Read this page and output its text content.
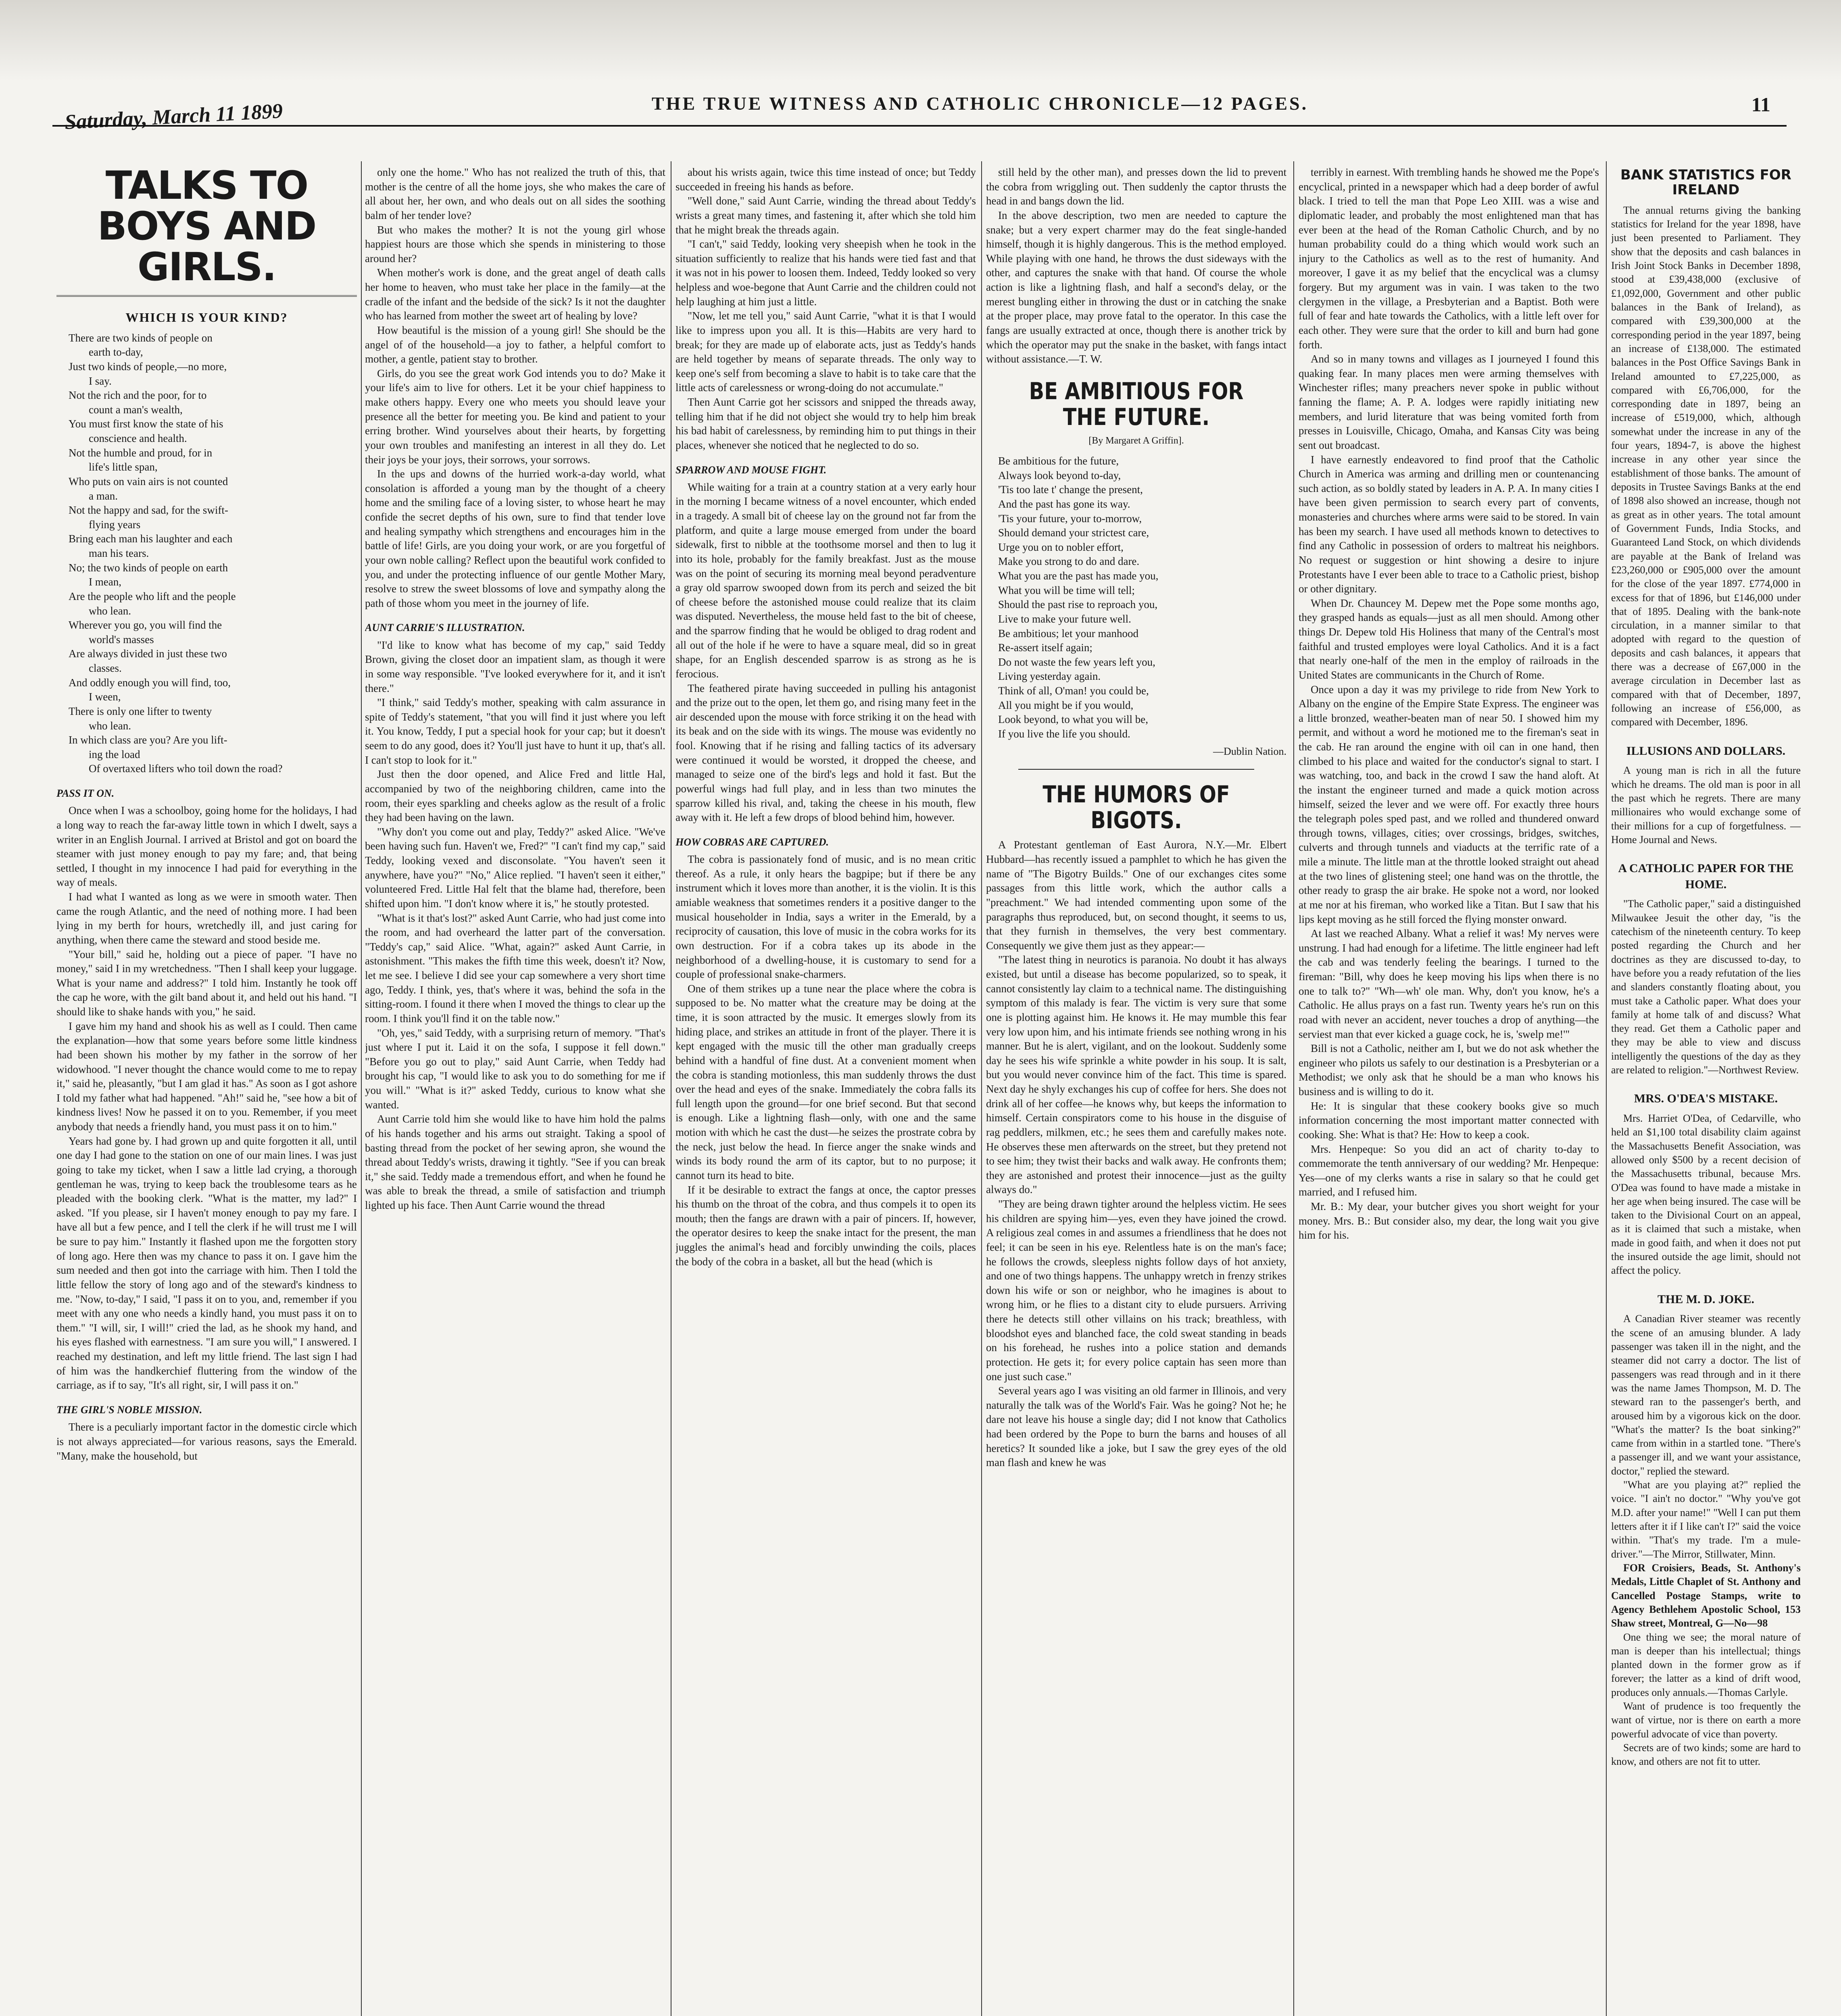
Saturday, March 11 1899	THE TRUE WITNESS AND CATHOLIC CHRONICLE—12 PAGES.	11
TALKS TO BOYS AND GIRLS.
WHICH IS YOUR KIND?
There are two kinds of people on
earth to-day,
Just two kinds of people,—no more,
I say.
Not the rich and the poor, for to
count a man's wealth,
You must first know the state of his
conscience and health.
Not the humble and proud, for in
life's little span,
Who puts on vain airs is not counted
a man.
Not the happy and sad, for the swift-
flying years
Bring each man his laughter and each
man his tears.
No; the two kinds of people on earth
I mean,
Are the people who lift and the people
who lean.
Wherever you go, you will find the
world's masses
Are always divided in just these two
classes.
And oddly enough you will find, too,
I ween,
There is only one lifter to twenty
who lean.
In which class are you? Are you lift-
ing the load
Of overtaxed lifters who toil down the road?
PASS IT ON.

Once when I was a schoolboy, going home for the holidays, I had a long way to reach the far-away little town in which I dwelt, says a writer in an English Journal. I arrived at Bristol and got on board the steamer with just money enough to pay my fare; and, that being settled, I thought in my innocence I had paid for everything in the way of meals.

I had what I wanted as long as we were in smooth water. Then came the rough Atlantic, and the need of nothing more. I had been lying in my berth for hours, wretchedly ill, and just caring for anything, when there came the steward and stood beside me.

"Your bill," said he, holding out a piece of paper. "I have no money," said I in my wretchedness. "Then I shall keep your luggage. What is your name and address?" I told him. Instantly he took off the cap he wore, with the gilt band about it, and held out his hand. "I should like to shake hands with you," he said.

I gave him my hand and shook his as well as I could. Then came the explanation—how that some years before some little kindness had been shown his mother by my father in the sorrow of her widowhood. "I never thought the chance would come to me to repay it," said he, pleasantly, "but I am glad it has." As soon as I got ashore I told my father what had happened. "Ah!" said he, "see how a bit of kindness lives! Now he passed it on to you. Remember, if you meet anybody that needs a friendly hand, you must pass it on to him."

Years had gone by. I had grown up and quite forgotten it all, until one day I had gone to the station on one of our main lines. I was just going to take my ticket, when I saw a little lad crying, a thorough gentleman he was, trying to keep back the troublesome tears as he pleaded with the booking clerk. "What is the matter, my lad?" I asked. "If you please, sir I haven't money enough to pay my fare. I have all but a few pence, and I tell the clerk if he will trust me I will be sure to pay him." Instantly it flashed upon me the forgotten story of long ago. Here then was my chance to pass it on. I gave him the sum needed and then got into the carriage with him. Then I told the little fellow the story of long ago and of the steward's kindness to me. "Now, to-day," I said, "I pass it on to you, and, remember if you meet with any one who needs a kindly hand, you must pass it on to them." "I will, sir, I will!" cried the lad, as he shook my hand, and his eyes flashed with earnestness. "I am sure you will," I answered. I reached my destination, and left my little friend. The last sign I had of him was the handkerchief fluttering from the window of the carriage, as if to say, "It's all right, sir, I will pass it on."

THE GIRL'S NOBLE MISSION.

There is a peculiarly important factor in the domestic circle which is not always appreciated—for various reasons, says the Emerald. "Many, make the household, but

only one the home." Who has not realized the truth of this, that mother is the centre of all the home joys, she who makes the care of all about her, her own, and who deals out on all sides the soothing balm of her tender love?

But who makes the mother? It is not the young girl whose happiest hours are those which she spends in ministering to those around her?

When mother's work is done, and the great angel of death calls her home to heaven, who must take her place in the family—at the cradle of the infant and the bedside of the sick? Is it not the daughter who has learned from mother the sweet art of healing by love?

How beautiful is the mission of a young girl! She should be the angel of of the household—a joy to father, a helpful comfort to mother, a gentle, patient stay to brother.

Girls, do you see the great work God intends you to do? Make it your life's aim to live for others. Let it be your chief happiness to make others happy. Every one who meets you should leave your presence all the better for meeting you. Be kind and patient to your erring brother. Wind yourselves about their hearts, by forgetting your own troubles and manifesting an interest in all they do. Let their joys be your joys, their sorrows, your sorrows.

In the ups and downs of the hurried work-a-day world, what consolation is afforded a young man by the thought of a cheery home and the smiling face of a loving sister, to whose heart he may confide the secret depths of his own, sure to find that tender love and healing sympathy which strengthens and encourages him in the battle of life! Girls, are you doing your work, or are you forgetful of your own noble calling? Reflect upon the beautiful work confided to you, and under the protecting influence of our gentle Mother Mary, resolve to strew the sweet blossoms of love and sympathy along the path of those whom you meet in the journey of life.

AUNT CARRIE'S ILLUSTRATION.

"I'd like to know what has become of my cap," said Teddy Brown, giving the closet door an impatient slam, as though it were in some way responsible. "I've looked everywhere for it, and it isn't there."

"I think," said Teddy's mother, speaking with calm assurance in spite of Teddy's statement, "that you will find it just where you left it. You know, Teddy, I put a special hook for your cap; but it doesn't seem to do any good, does it? You'll just have to hunt it up, that's all. I can't stop to look for it."

Just then the door opened, and Alice Fred and little Hal, accompanied by two of the neighboring children, came into the room, their eyes sparkling and cheeks aglow as the result of a frolic they had been having on the lawn.

"Why don't you come out and play, Teddy?" asked Alice. "We've been having such fun. Haven't we, Fred?" "I can't find my cap," said Teddy, looking vexed and disconsolate. "You haven't seen it anywhere, have you?" "No," Alice replied. "I haven't seen it either," volunteered Fred. Little Hal felt that the blame had, therefore, been shifted upon him. "I don't know where it is," he stoutly protested.

"What is it that's lost?" asked Aunt Carrie, who had just come into the room, and had overheard the latter part of the conversation. "Teddy's cap," said Alice. "What, again?" asked Aunt Carrie, in astonishment. "This makes the fifth time this week, doesn't it? Now, let me see. I believe I did see your cap somewhere a very short time ago, Teddy. I think, yes, that's where it was, behind the sofa in the sitting-room. I found it there when I moved the things to clear up the room. I think you'll find it on the table now."

"Oh, yes," said Teddy, with a surprising return of memory. "That's just where I put it. Laid it on the sofa, I suppose it fell down." "Before you go out to play," said Aunt Carrie, when Teddy had brought his cap, "I would like to ask you to do something for me if you will." "What is it?" asked Teddy, curious to know what she wanted.

Aunt Carrie told him she would like to have him hold the palms of his hands together and his arms out straight. Taking a spool of basting thread from the pocket of her sewing apron, she wound the thread about Teddy's wrists, drawing it tightly. "See if you can break it," she said. Teddy made a tremendous effort, and when he found he was able to break the thread, a smile of satisfaction and triumph lighted up his face. Then Aunt Carrie wound the thread

about his wrists again, twice this time instead of once; but Teddy succeeded in freeing his hands as before.

"Well done," said Aunt Carrie, winding the thread about Teddy's wrists a great many times, and fastening it, after which she told him that he might break the threads again.

"I can't," said Teddy, looking very sheepish when he took in the situation sufficiently to realize that his hands were tied fast and that it was not in his power to loosen them. Indeed, Teddy looked so very helpless and woe-begone that Aunt Carrie and the children could not help laughing at him just a little.

"Now, let me tell you," said Aunt Carrie, "what it is that I would like to impress upon you all. It is this—Habits are very hard to break; for they are made up of elaborate acts, just as Teddy's hands are held together by means of separate threads. The only way to keep one's self from becoming a slave to habit is to take care that the little acts of carelessness or wrong-doing do not accumulate."

Then Aunt Carrie got her scissors and snipped the threads away, telling him that if he did not object she would try to help him break his bad habit of carelessness, by reminding him to put things in their places, whenever she noticed that he neglected to do so.

SPARROW AND MOUSE FIGHT.

While waiting for a train at a country station at a very early hour in the morning I became witness of a novel encounter, which ended in a tragedy. A small bit of cheese lay on the ground not far from the platform, and quite a large mouse emerged from under the board sidewalk, first to nibble at the toothsome morsel and then to lug it into its hole, probably for the family breakfast. Just as the mouse was on the point of securing its morning meal beyond peradventure a gray old sparrow swooped down from its perch and seized the bit of cheese before the astonished mouse could realize that its claim was disputed. Nevertheless, the mouse held fast to the bit of cheese, and the sparrow finding that he would be obliged to drag rodent and all out of the hole if he were to have a square meal, did so in great shape, for an English descended sparrow is as strong as he is ferocious.

The feathered pirate having succeeded in pulling his antagonist and the prize out to the open, let them go, and rising many feet in the air descended upon the mouse with force striking it on the head with its beak and on the side with its wings. The mouse was evidently no fool. Knowing that if he rising and falling tactics of its adversary were continued it would be worsted, it dropped the cheese, and managed to seize one of the bird's legs and hold it fast. But the powerful wings had full play, and in less than two minutes the sparrow killed his rival, and, taking the cheese in his mouth, flew away with it. He left a few drops of blood behind him, however.

HOW COBRAS ARE CAPTURED.

The cobra is passionately fond of music, and is no mean critic thereof. As a rule, it only hears the bagpipe; but if there be any instrument which it loves more than another, it is the violin. It is this amiable weakness that sometimes renders it a positive danger to the musical householder in India, says a writer in the Emerald, by a reciprocity of causation, this love of music in the cobra works for its own destruction. For if a cobra takes up its abode in the neighborhood of a dwelling-house, it is customary to send for a couple of professional snake-charmers.

One of them strikes up a tune near the place where the cobra is supposed to be. No matter what the creature may be doing at the time, it is soon attracted by the music. It emerges slowly from its hiding place, and strikes an attitude in front of the player. There it is kept engaged with the music till the other man gradually creeps behind with a handful of fine dust. At a convenient moment when the cobra is standing motionless, this man suddenly throws the dust over the head and eyes of the snake. Immediately the cobra falls its full length upon the ground—for one brief second. But that second is enough. Like a lightning flash—only, with one and the same motion with which he cast the dust—he seizes the prostrate cobra by the neck, just below the head. In fierce anger the snake winds and winds its body round the arm of its captor, but to no purpose; it cannot turn its head to bite.

If it be desirable to extract the fangs at once, the captor presses his thumb on the throat of the cobra, and thus compels it to open its mouth; then the fangs are drawn with a pair of pincers. If, however, the operator desires to keep the snake intact for the present, the man juggles the animal's head and forcibly unwinding the coils, places the body of the cobra in a basket, all but the head (which is

still held by the other man), and presses down the lid to prevent the cobra from wriggling out. Then suddenly the captor thrusts the head in and bangs down the lid.

In the above description, two men are needed to capture the snake; but a very expert charmer may do the feat single-handed himself, though it is highly dangerous. This is the method employed. While playing with one hand, he throws the dust sideways with the other, and captures the snake with that hand. Of course the whole action is like a lightning flash, and half a second's delay, or the merest bungling either in throwing the dust or in catching the snake at the proper place, may prove fatal to the operator. In this case the fangs are usually extracted at once, though there is another trick by which the operator may put the snake in the basket, with fangs intact without assistance.—T. W.

BE AMBITIOUS FOR THE FUTURE.
[By Margaret A Griffin].
Be ambitious for the future,
Always look beyond to-day,
'Tis too late t' change the present,
And the past has gone its way.
'Tis your future, your to-morrow,
Should demand your strictest care,
Urge you on to nobler effort,
Make you strong to do and dare.
What you are the past has made you,
What you will be time will tell;
Should the past rise to reproach you,
Live to make your future well.
Be ambitious; let your manhood
Re-assert itself again;
Do not waste the few years left you,
Living yesterday again.
Think of all, O'man! you could be,
All you might be if you would,
Look beyond, to what you will be,
If you live the life you should.
—Dublin Nation.
THE HUMORS OF BIGOTS.

A Protestant gentleman of East Aurora, N.Y.—Mr. Elbert Hubbard—has recently issued a pamphlet to which he has given the name of "The Bigotry Builds." One of our exchanges cites some passages from this little work, which the author calls a "preachment." We had intended commenting upon some of the paragraphs thus reproduced, but, on second thought, it seems to us, that they furnish in themselves, the very best commentary. Consequently we give them just as they appear:—

"The latest thing in neurotics is paranoia. No doubt it has always existed, but until a disease has become popularized, so to speak, it cannot consistently lay claim to a technical name. The distinguishing symptom of this malady is fear. The victim is very sure that some one is plotting against him. He knows it. He may mumble this fear very low upon him, and his intimate friends see nothing wrong in his manner. But he is alert, vigilant, and on the lookout. Suddenly some day he sees his wife sprinkle a white powder in his soup. It is salt, but you would never convince him of the fact. This time is spared. Next day he shyly exchanges his cup of coffee for hers. She does not drink all of her coffee—he knows why, but keeps the information to himself. Certain conspirators come to his house in the disguise of rag peddlers, milkmen, etc.; he sees them and carefully makes note. He observes these men afterwards on the street, but they pretend not to see him; they twist their backs and walk away. He confronts them; they are astonished and protest their innocence—just as the guilty always do."

"They are being drawn tighter around the helpless victim. He sees his children are spying him—yes, even they have joined the crowd. A religious zeal comes in and assumes a friendliness that he does not feel; it can be seen in his eye. Relentless hate is on the man's face; he follows the crowds, sleepless nights follow days of hot anxiety, and one of two things happens. The unhappy wretch in frenzy strikes down his wife or son or neighbor, who he imagines is about to wrong him, or he flies to a distant city to elude pursuers. Arriving there he detects still other villains on his track; breathless, with bloodshot eyes and blanched face, the cold sweat standing in beads on his forehead, he rushes into a police station and demands protection. He gets it; for every police captain has seen more than one just such case."

Several years ago I was visiting an old farmer in Illinois, and very naturally the talk was of the World's Fair. Was he going? Not he; he dare not leave his house a single day; did I not know that Catholics had been ordered by the Pope to burn the barns and houses of all heretics? It sounded like a joke, but I saw the grey eyes of the old man flash and knew he was

terribly in earnest. With trembling hands he showed me the Pope's encyclical, printed in a newspaper which had a deep border of awful black. I tried to tell the man that Pope Leo XIII. was a wise and diplomatic leader, and probably the most enlightened man that has ever been at the head of the Roman Catholic Church, and by no human probability could do a thing which would work such an injury to the Catholics as well as to the rest of humanity. And moreover, I gave it as my belief that the encyclical was a clumsy forgery. But my argument was in vain. I was taken to the two clergymen in the village, a Presbyterian and a Baptist. Both were full of fear and hate towards the Catholics, with a little left over for each other. They were sure that the order to kill and burn had gone forth.

And so in many towns and villages as I journeyed I found this quaking fear. In many places men were arming themselves with Winchester rifles; many preachers never spoke in public without fanning the flame; A. P. A. lodges were rapidly initiating new members, and lurid literature that was being vomited forth from presses in Louisville, Chicago, Omaha, and Kansas City was being sent out broadcast.

I have earnestly endeavored to find proof that the Catholic Church in America was arming and drilling men or countenancing such action, as so boldly stated by leaders in A. P. A. In many cities I have been given permission to search every part of convents, monasteries and churches where arms were said to be stored. In vain has been my search. I have used all methods known to detectives to find any Catholic in possession of orders to maltreat his neighbors. No request or suggestion or hint showing a desire to injure Protestants have I ever been able to trace to a Catholic priest, bishop or other dignitary.

When Dr. Chauncey M. Depew met the Pope some months ago, they grasped hands as equals—just as all men should. Among other things Dr. Depew told His Holiness that many of the Central's most faithful and trusted employes were loyal Catholics. And it is a fact that nearly one-half of the men in the employ of railroads in the United States are communicants in the Church of Rome.

Once upon a day it was my privilege to ride from New York to Albany on the engine of the Empire State Express. The engineer was a little bronzed, weather-beaten man of near 50. I showed him my permit, and without a word he motioned me to the fireman's seat in the cab. He ran around the engine with oil can in one hand, then climbed to his place and waited for the conductor's signal to start. I was watching, too, and back in the crowd I saw the hand aloft. At the instant the engineer turned and made a quick motion across himself, seized the lever and we were off. For exactly three hours the telegraph poles sped past, and we rolled and thundered onward through towns, villages, cities; over crossings, bridges, switches, culverts and through tunnels and viaducts at the terrific rate of a mile a minute. The little man at the throttle looked straight out ahead at the two lines of glistening steel; one hand was on the throttle, the other ready to grasp the air brake. He spoke not a word, nor looked at me nor at his fireman, who worked like a Titan. But I saw that his lips kept moving as he still forced the flying monster onward.

At last we reached Albany. What a relief it was! My nerves were unstrung. I had had enough for a lifetime. The little engineer had left the cab and was tenderly feeling the bearings. I turned to the fireman: "Bill, why does he keep moving his lips when there is no one to talk to?" "Wh—wh' ole man. Why, don't you know, he's a Catholic. He allus prays on a fast run. Twenty years he's run on this road with never an accident, never touches a drop of anything—the serviest man that ever kicked a guage cock, he is, 'swelp me!'"

Bill is not a Catholic, neither am I, but we do not ask whether the engineer who pilots us safely to our destination is a Presbyterian or a Methodist; we only ask that he should be a man who knows his business and is willing to do it.

He: It is singular that these cookery books give so much information concerning the most important matter connected with cooking. She: What is that? He: How to keep a cook.

Mrs. Henpeque: So you did an act of charity to-day to commemorate the tenth anniversary of our wedding? Mr. Henpeque: Yes—one of my clerks wants a rise in salary so that he could get married, and I refused him.

Mr. B.: My dear, your butcher gives you short weight for your money. Mrs. B.: But consider also, my dear, the long wait you give him for his.

BANK STATISTICS FOR IRELAND

The annual returns giving the banking statistics for Ireland for the year 1898, have just been presented to Parliament. They show that the deposits and cash balances in Irish Joint Stock Banks in December 1898, stood at £39,438,000 (exclusive of £1,092,000, Government and other public balances in the Bank of Ireland), as compared with £39,300,000 at the corresponding period in the year 1897, being an increase of £138,000. The estimated balances in the Post Office Savings Bank in Ireland amounted to £7,225,000, as compared with £6,706,000, for the corresponding date in 1897, being an increase of £519,000, which, although somewhat under the increase in any of the four years, 1894-7, is above the highest increase in any other year since the establishment of those banks. The amount of deposits in Trustee Savings Banks at the end of 1898 also showed an increase, though not as great as in other years. The total amount of Government Funds, India Stocks, and Guaranteed Land Stock, on which dividends are payable at the Bank of Ireland was £23,260,000 or £905,000 over the amount for the close of the year 1897. £774,000 in excess for that of 1896, but £146,000 under that of 1895. Dealing with the bank-note circulation, in a manner similar to that adopted with regard to the question of deposits and cash balances, it appears that there was a decrease of £67,000 in the average circulation in December last as compared with that of December, 1897, following an increase of £56,000, as compared with December, 1896.

ILLUSIONS AND DOLLARS.

A young man is rich in all the future which he dreams. The old man is poor in all the past which he regrets. There are many millionaires who would exchange some of their millions for a cup of forgetfulness. —Home Journal and News.

A CATHOLIC PAPER FOR THE HOME.

"The Catholic paper," said a distinguished Milwaukee Jesuit the other day, "is the catechism of the nineteenth century. To keep posted regarding the Church and her doctrines as they are discussed to-day, to have before you a ready refutation of the lies and slanders constantly floating about, you must take a Catholic paper. What does your family at home talk of and discuss? What they read. Get them a Catholic paper and they may be able to view and discuss intelligently the questions of the day as they are related to religion."—Northwest Review.

MRS. O'DEA'S MISTAKE.

Mrs. Harriet O'Dea, of Cedarville, who held an $1,100 total disability claim against the Massachusetts Benefit Association, was allowed only $500 by a recent decision of the Massachusetts tribunal, because Mrs. O'Dea was found to have made a mistake in her age when being insured. The case will be taken to the Divisional Court on an appeal, as it is claimed that such a mistake, when made in good faith, and when it does not put the insured outside the age limit, should not affect the policy.

THE M. D. JOKE.

A Canadian River steamer was recently the scene of an amusing blunder. A lady passenger was taken ill in the night, and the steamer did not carry a doctor. The list of passengers was read through and in it there was the name James Thompson, M. D. The steward ran to the passenger's berth, and aroused him by a vigorous kick on the door. "What's the matter? Is the boat sinking?" came from within in a startled tone. "There's a passenger ill, and we want your assistance, doctor," replied the steward.

"What are you playing at?" replied the voice. "I ain't no doctor." "Why you've got M.D. after your name!" "Well I can put them letters after it if I like can't I?" said the voice within. "That's my trade. I'm a mule-driver."—The Mirror, Stillwater, Minn.

FOR Croisiers, Beads, St. Anthony's Medals, Little Chaplet of St. Anthony and Cancelled Postage Stamps, write to Agency Bethlehem Apostolic School, 153 Shaw street, Montreal, G—No—98

One thing we see; the moral nature of man is deeper than his intellectual; things planted down in the former grow as if forever; the latter as a kind of drift wood, produces only annuals.—Thomas Carlyle.

Want of prudence is too frequently the want of virtue, nor is there on earth a more powerful advocate of vice than poverty.

Secrets are of two kinds; some are hard to know, and others are not fit to utter.
